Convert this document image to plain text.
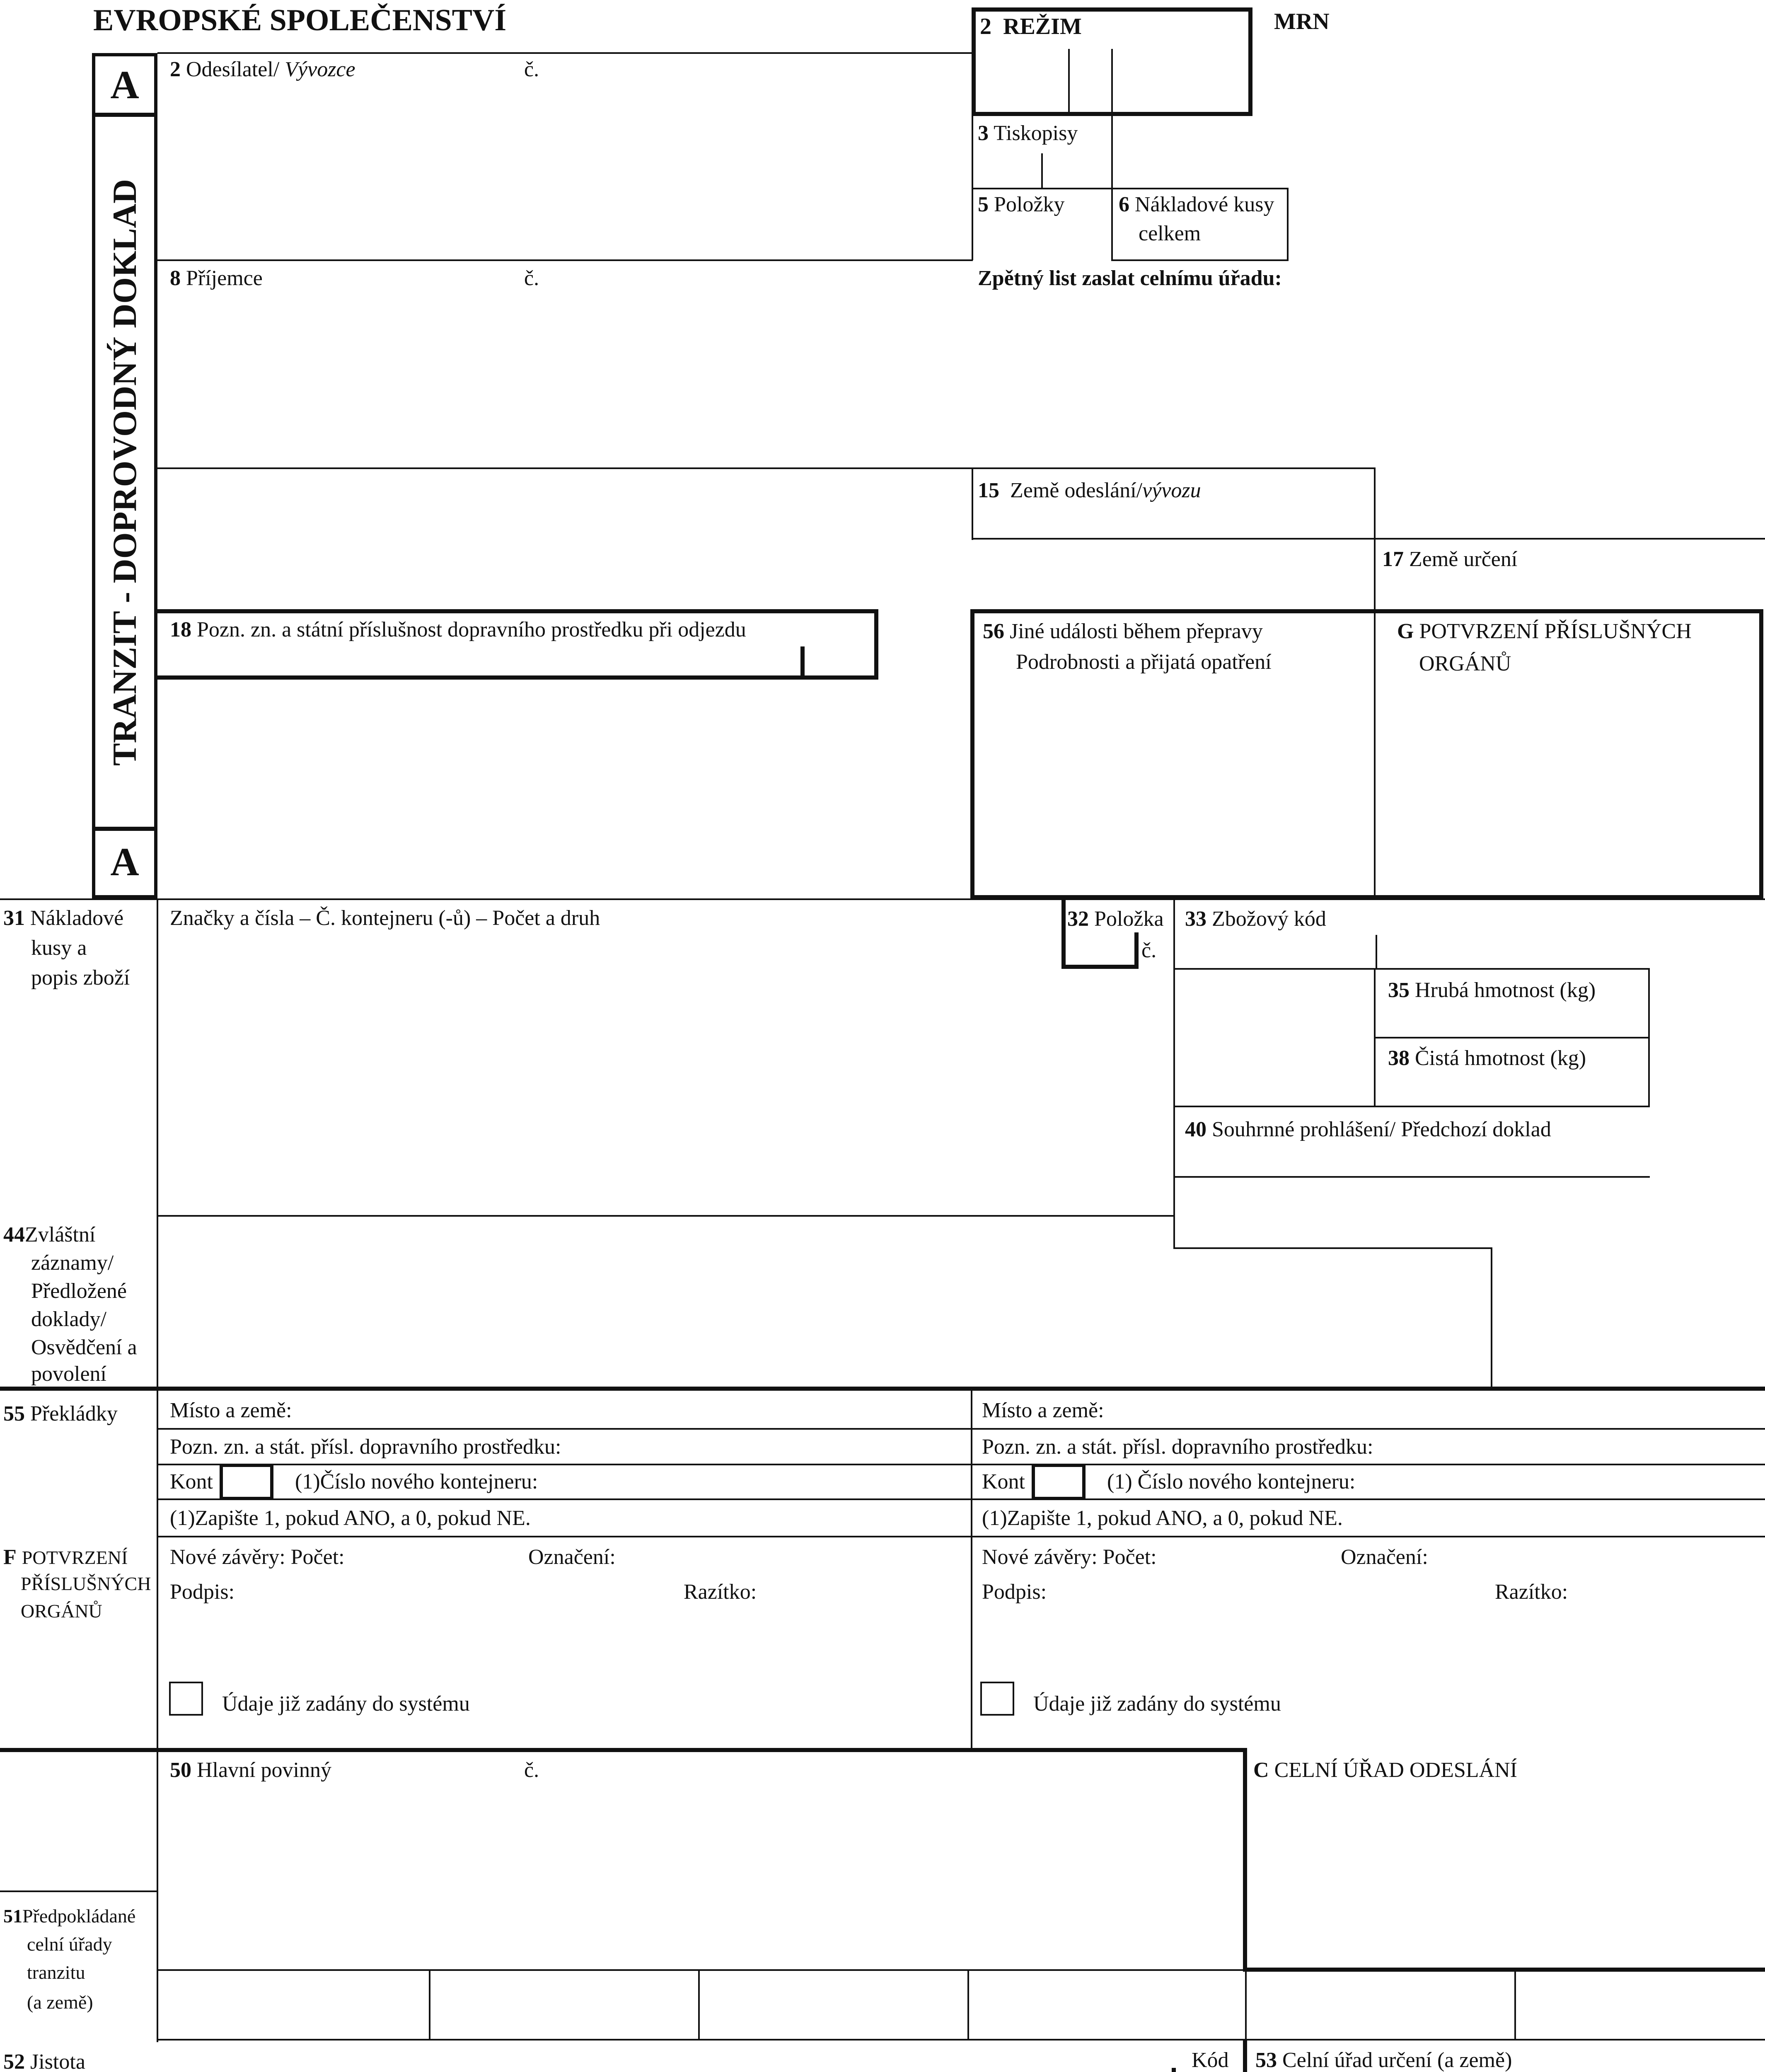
EVROPSKÉ SPOLEČENSTVÍ	MRN
A
A
TRANZIT - DOPROVODNÝ DOKLAD
2 REŽIM
2 Odesílatel/ Vývozce	č.
3 Tiskopisy
5 Položky	6 Nákladové kusy
celkem
8 Příjemce	č.	Zpětný list zaslat celnímu úřadu:
15 Země odeslání/vývozu
17 Země určení
18 Pozn. zn. a státní příslušnost dopravního prostředku při odjezdu	56 Jiné události během přepravy
Podrobnosti a přijatá opatření
G POTVRZENÍ PŘÍSLUŠNÝCH
ORGÁNŮ
31 Nákladové
kusy a
popis zboží
Značky a čísla – Č. kontejneru (-ů) – Počet a druh	32 Položka
č.
33 Zbožový kód
35 Hrubá hmotnost (kg)
38 Čistá hmotnost (kg)
40 Souhrnné prohlášení/ Předchozí doklad
44Zvláštní
záznamy/
Předložené
doklady/
Osvědčení a
povolení
55 Překládky Místo a země:
Pozn. zn. a stát. přísl. dopravního prostředku:
Kont	(1)Číslo nového kontejneru:
(1)Zapište 1, pokud ANO, a 0, pokud NE.
Místo a země:
Pozn. zn. a stát. přísl. dopravního prostředku:
Kont	(1) Číslo nového kontejneru:
(1)Zapište 1, pokud ANO, a 0, pokud NE.
F POTVRZENÍ
PŘÍSLUŠNÝCH
ORGÁNŮ
Nové závěry: Počet:	Označení:
Podpis:	Razítko:
Údaje již zadány do systému
Nové závěry: Počet:	Označení:
Podpis:	Razítko:
Údaje již zadány do systému
50 Hlavní povinný	č.	C CELNÍ ÚŘAD ODESLÁNÍ
51Předpokládané
celní úřady
tranzitu
(a země)
52 Jistota	Kód 53 Celní úřad určení (a země)
